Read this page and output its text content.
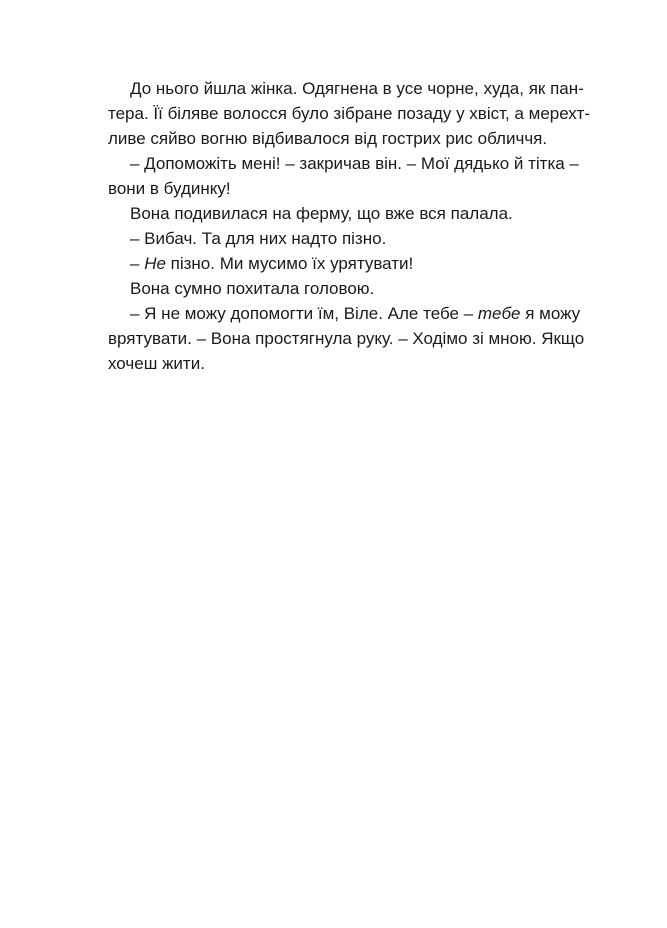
До нього йшла жінка. Одягнена в усе чорне, худа, як пан-
тера. Її біляве волосся було зібране позаду у хвіст, а мерехт-
ливе сяйво вогню відбивалося від гострих рис обличчя.
– Допоможіть мені! – закричав він. – Мої дядько й тітка –
вони в будинку!
Вона подивилася на ферму, що вже вся палала.
– Вибач. Та для них надто пізно.
– Не пізно. Ми мусимо їх урятувати!
Вона сумно похитала головою.
– Я не можу допомогти їм, Віле. Але тебе – тебе я можу
врятувати. – Вона простягнула руку. – Ходімо зі мною. Якщо
хочеш жити.
